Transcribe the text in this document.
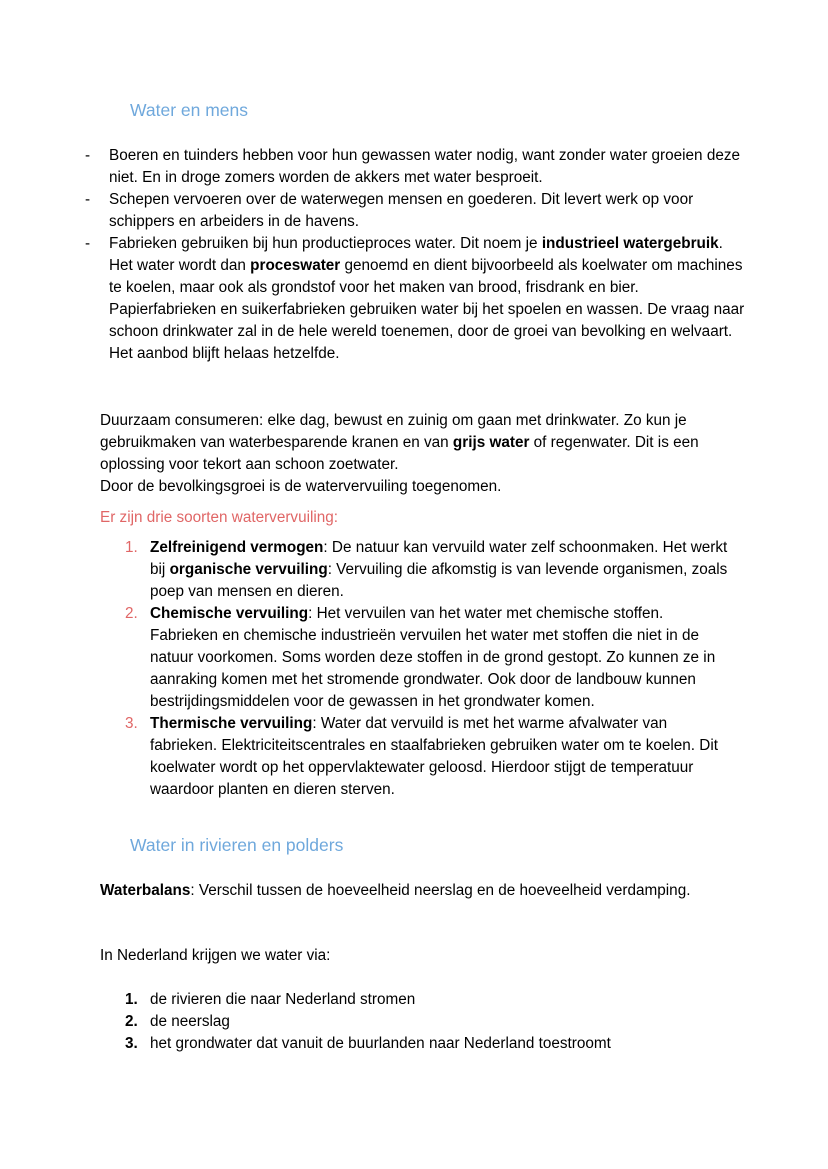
Water en mens
- Boeren en tuinders hebben voor hun gewassen water nodig, want zonder water groeien deze niet. En in droge zomers worden de akkers met water besproeit.
- Schepen vervoeren over de waterwegen mensen en goederen. Dit levert werk op voor schippers en arbeiders in de havens.
- Fabrieken gebruiken bij hun productieproces water. Dit noem je industrieel watergebruik. Het water wordt dan proceswater genoemd en dient bijvoorbeeld als koelwater om machines te koelen, maar ook als grondstof voor het maken van brood, frisdrank en bier. Papierfabrieken en suikerfabrieken gebruiken water bij het spoelen en wassen. De vraag naar schoon drinkwater zal in de hele wereld toenemen, door de groei van bevolking en welvaart. Het aanbod blijft helaas hetzelfde.

Duurzaam consumeren: elke dag, bewust en zuinig om gaan met drinkwater. Zo kun je gebruikmaken van waterbesparende kranen en van grijs water of regenwater. Dit is een oplossing voor tekort aan schoon zoetwater.
Door de bevolkingsgroei is de watervervuiling toegenomen.

Er zijn drie soorten watervervuiling:

1. Zelfreinigend vermogen: De natuur kan vervuild water zelf schoonmaken. Het werkt bij organische vervuiling: Vervuiling die afkomstig is van levende organismen, zoals poep van mensen en dieren.
2. Chemische vervuiling: Het vervuilen van het water met chemische stoffen. Fabrieken en chemische industrieën vervuilen het water met stoffen die niet in de natuur voorkomen. Soms worden deze stoffen in de grond gestopt. Zo kunnen ze in aanraking komen met het stromende grondwater. Ook door de landbouw kunnen bestrijdingsmiddelen voor de gewassen in het grondwater komen.
3. Thermische vervuiling: Water dat vervuild is met het warme afvalwater van fabrieken. Elektriciteitscentrales en staalfabrieken gebruiken water om te koelen. Dit koelwater wordt op het oppervlaktewater geloosd. Hierdoor stijgt de temperatuur waardoor planten en dieren sterven.
Water in rivieren en polders

Waterbalans: Verschil tussen de hoeveelheid neerslag en de hoeveelheid verdamping.

In Nederland krijgen we water via:

1. de rivieren die naar Nederland stromen
2. de neerslag
3. het grondwater dat vanuit de buurlanden naar Nederland toestroomt
